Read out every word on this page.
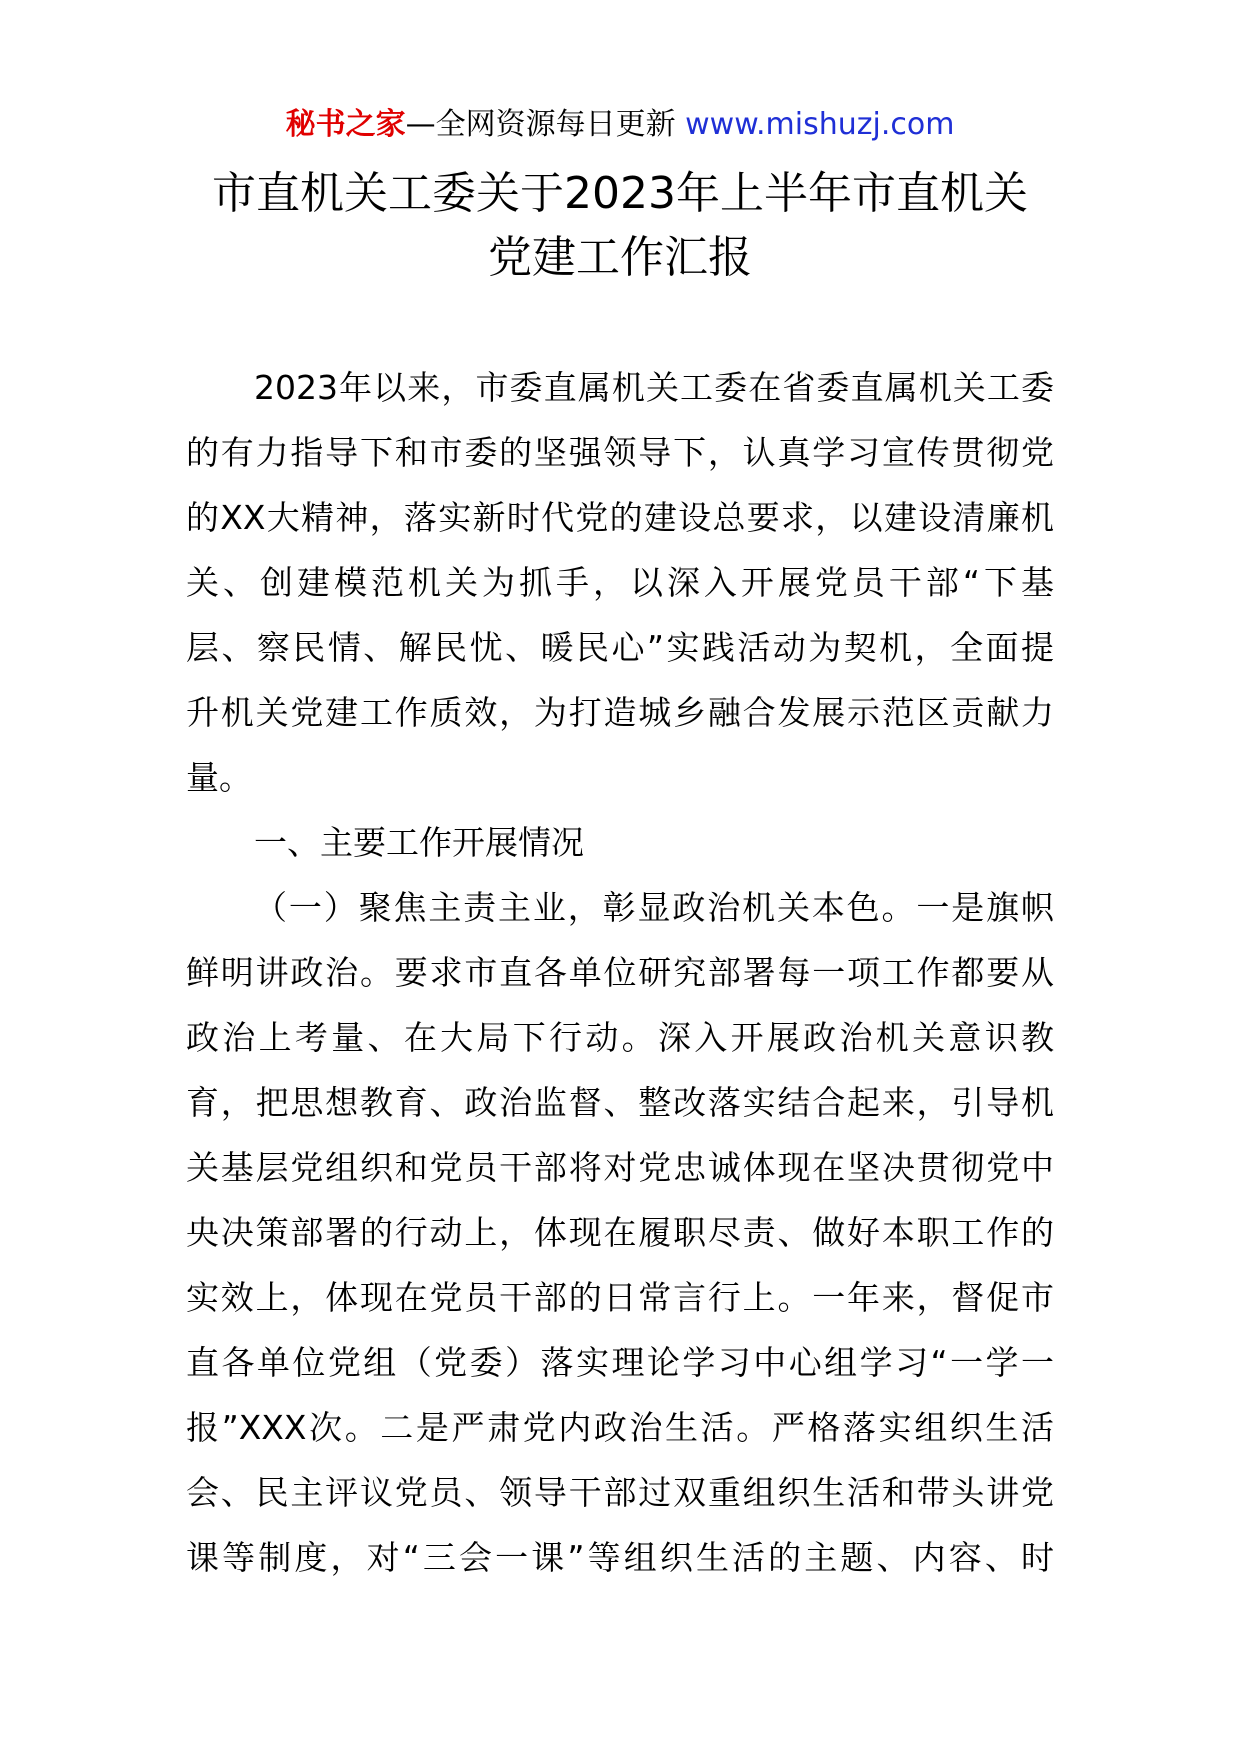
秘书之家—全网资源每日更新 www.mishuzj.com
市直机关工委关于2023年上半年市直机关
党建工作汇报
2023年以来，市委直属机关工委在省委直属机关工委
的有力指导下和市委的坚强领导下，认真学习宣传贯彻党
的XX大精神，落实新时代党的建设总要求，以建设清廉机
关、创建模范机关为抓手，以深入开展党员干部“下基
层、察民情、解民忧、暖民心”实践活动为契机，全面提
升机关党建工作质效，为打造城乡融合发展示范区贡献力
量。
一、主要工作开展情况
（一）聚焦主责主业，彰显政治机关本色。一是旗帜
鲜明讲政治。要求市直各单位研究部署每一项工作都要从
政治上考量、在大局下行动。深入开展政治机关意识教
育，把思想教育、政治监督、整改落实结合起来，引导机
关基层党组织和党员干部将对党忠诚体现在坚决贯彻党中
央决策部署的行动上，体现在履职尽责、做好本职工作的
实效上，体现在党员干部的日常言行上。一年来，督促市
直各单位党组（党委）落实理论学习中心组学习“一学一
报”XXX次。二是严肃党内政治生活。严格落实组织生活
会、民主评议党员、领导干部过双重组织生活和带头讲党
课等制度，对“三会一课”等组织生活的主题、内容、时
